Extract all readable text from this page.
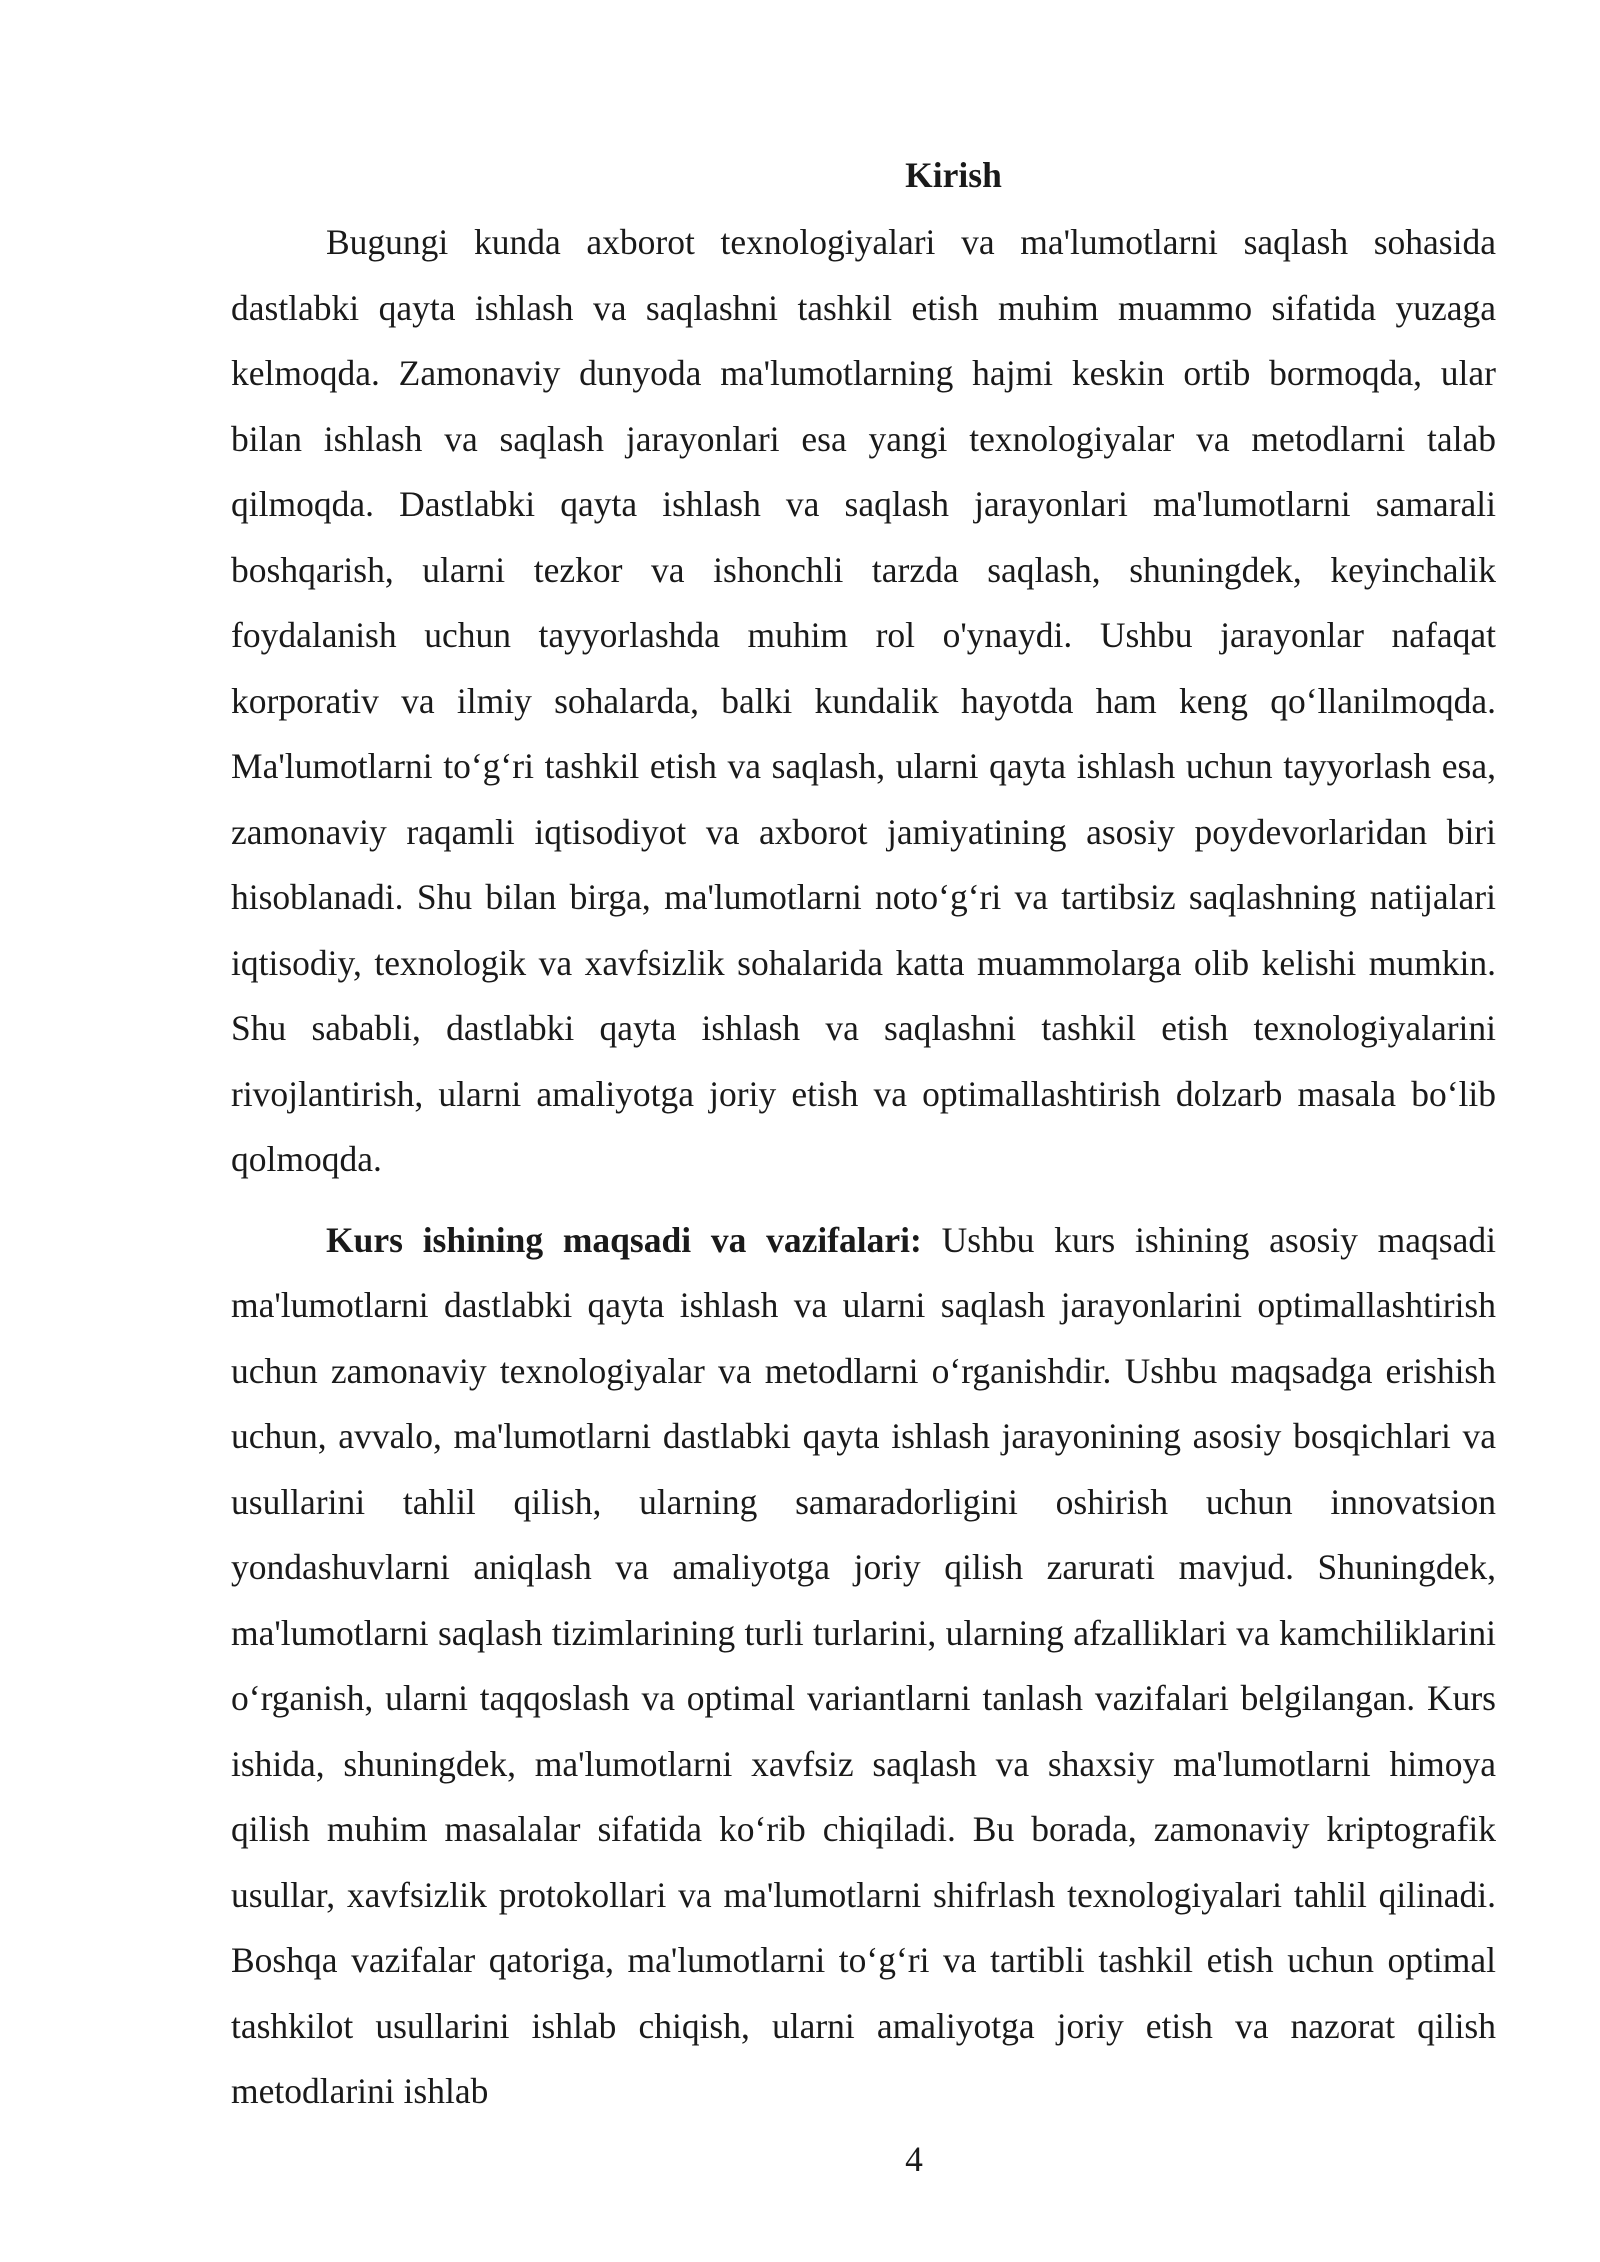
Kirish

Bugungi kunda axborot texnologiyalari va ma'lumotlarni saqlash sohasida dastlabki qayta ishlash va saqlashni tashkil etish muhim muammo sifatida yuzaga kelmoqda. Zamonaviy dunyoda ma'lumotlarning hajmi keskin ortib bormoqda, ular bilan ishlash va saqlash jarayonlari esa yangi texnologiyalar va metodlarni talab qilmoqda. Dastlabki qayta ishlash va saqlash jarayonlari ma'lumotlarni samarali boshqarish, ularni tezkor va ishonchli tarzda saqlash, shuningdek, keyinchalik foydalanish uchun tayyorlashda muhim rol o'ynaydi. Ushbu jarayonlar nafaqat korporativ va ilmiy sohalarda, balki kundalik hayotda ham keng qo‘llanilmoqda. Ma'lumotlarni to‘g‘ri tashkil etish va saqlash, ularni qayta ishlash uchun tayyorlash esa, zamonaviy raqamli iqtisodiyot va axborot jamiyatining asosiy poydevorlaridan biri hisoblanadi. Shu bilan birga, ma'lumotlarni noto‘g‘ri va tartibsiz saqlashning natijalari iqtisodiy, texnologik va xavfsizlik sohalarida katta muammolarga olib kelishi mumkin. Shu sababli, dastlabki qayta ishlash va saqlashni tashkil etish texnologiyalarini rivojlantirish, ularni amaliyotga joriy etish va optimallashtirish dolzarb masala bo‘lib qolmoqda.

Kurs ishining maqsadi va vazifalari: Ushbu kurs ishining asosiy maqsadi ma'lumotlarni dastlabki qayta ishlash va ularni saqlash jarayonlarini optimallashtirish uchun zamonaviy texnologiyalar va metodlarni o‘rganishdir. Ushbu maqsadga erishish uchun, avvalo, ma'lumotlarni dastlabki qayta ishlash jarayonining asosiy bosqichlari va usullarini tahlil qilish, ularning samaradorligini oshirish uchun innovatsion yondashuvlarni aniqlash va amaliyotga joriy qilish zarurati mavjud. Shuningdek, ma'lumotlarni saqlash tizimlarining turli turlarini, ularning afzalliklari va kamchiliklarini o‘rganish, ularni taqqoslash va optimal variantlarni tanlash vazifalari belgilangan. Kurs ishida, shuningdek, ma'lumotlarni xavfsiz saqlash va shaxsiy ma'lumotlarni himoya qilish muhim masalalar sifatida ko‘rib chiqiladi. Bu borada, zamonaviy kriptografik usullar, xavfsizlik protokollari va ma'lumotlarni shifrlash texnologiyalari tahlil qilinadi. Boshqa vazifalar qatoriga, ma'lumotlarni to‘g‘ri va tartibli tashkil etish uchun optimal tashkilot usullarini ishlab chiqish, ularni amaliyotga joriy etish va nazorat qilish metodlarini ishlab

4
